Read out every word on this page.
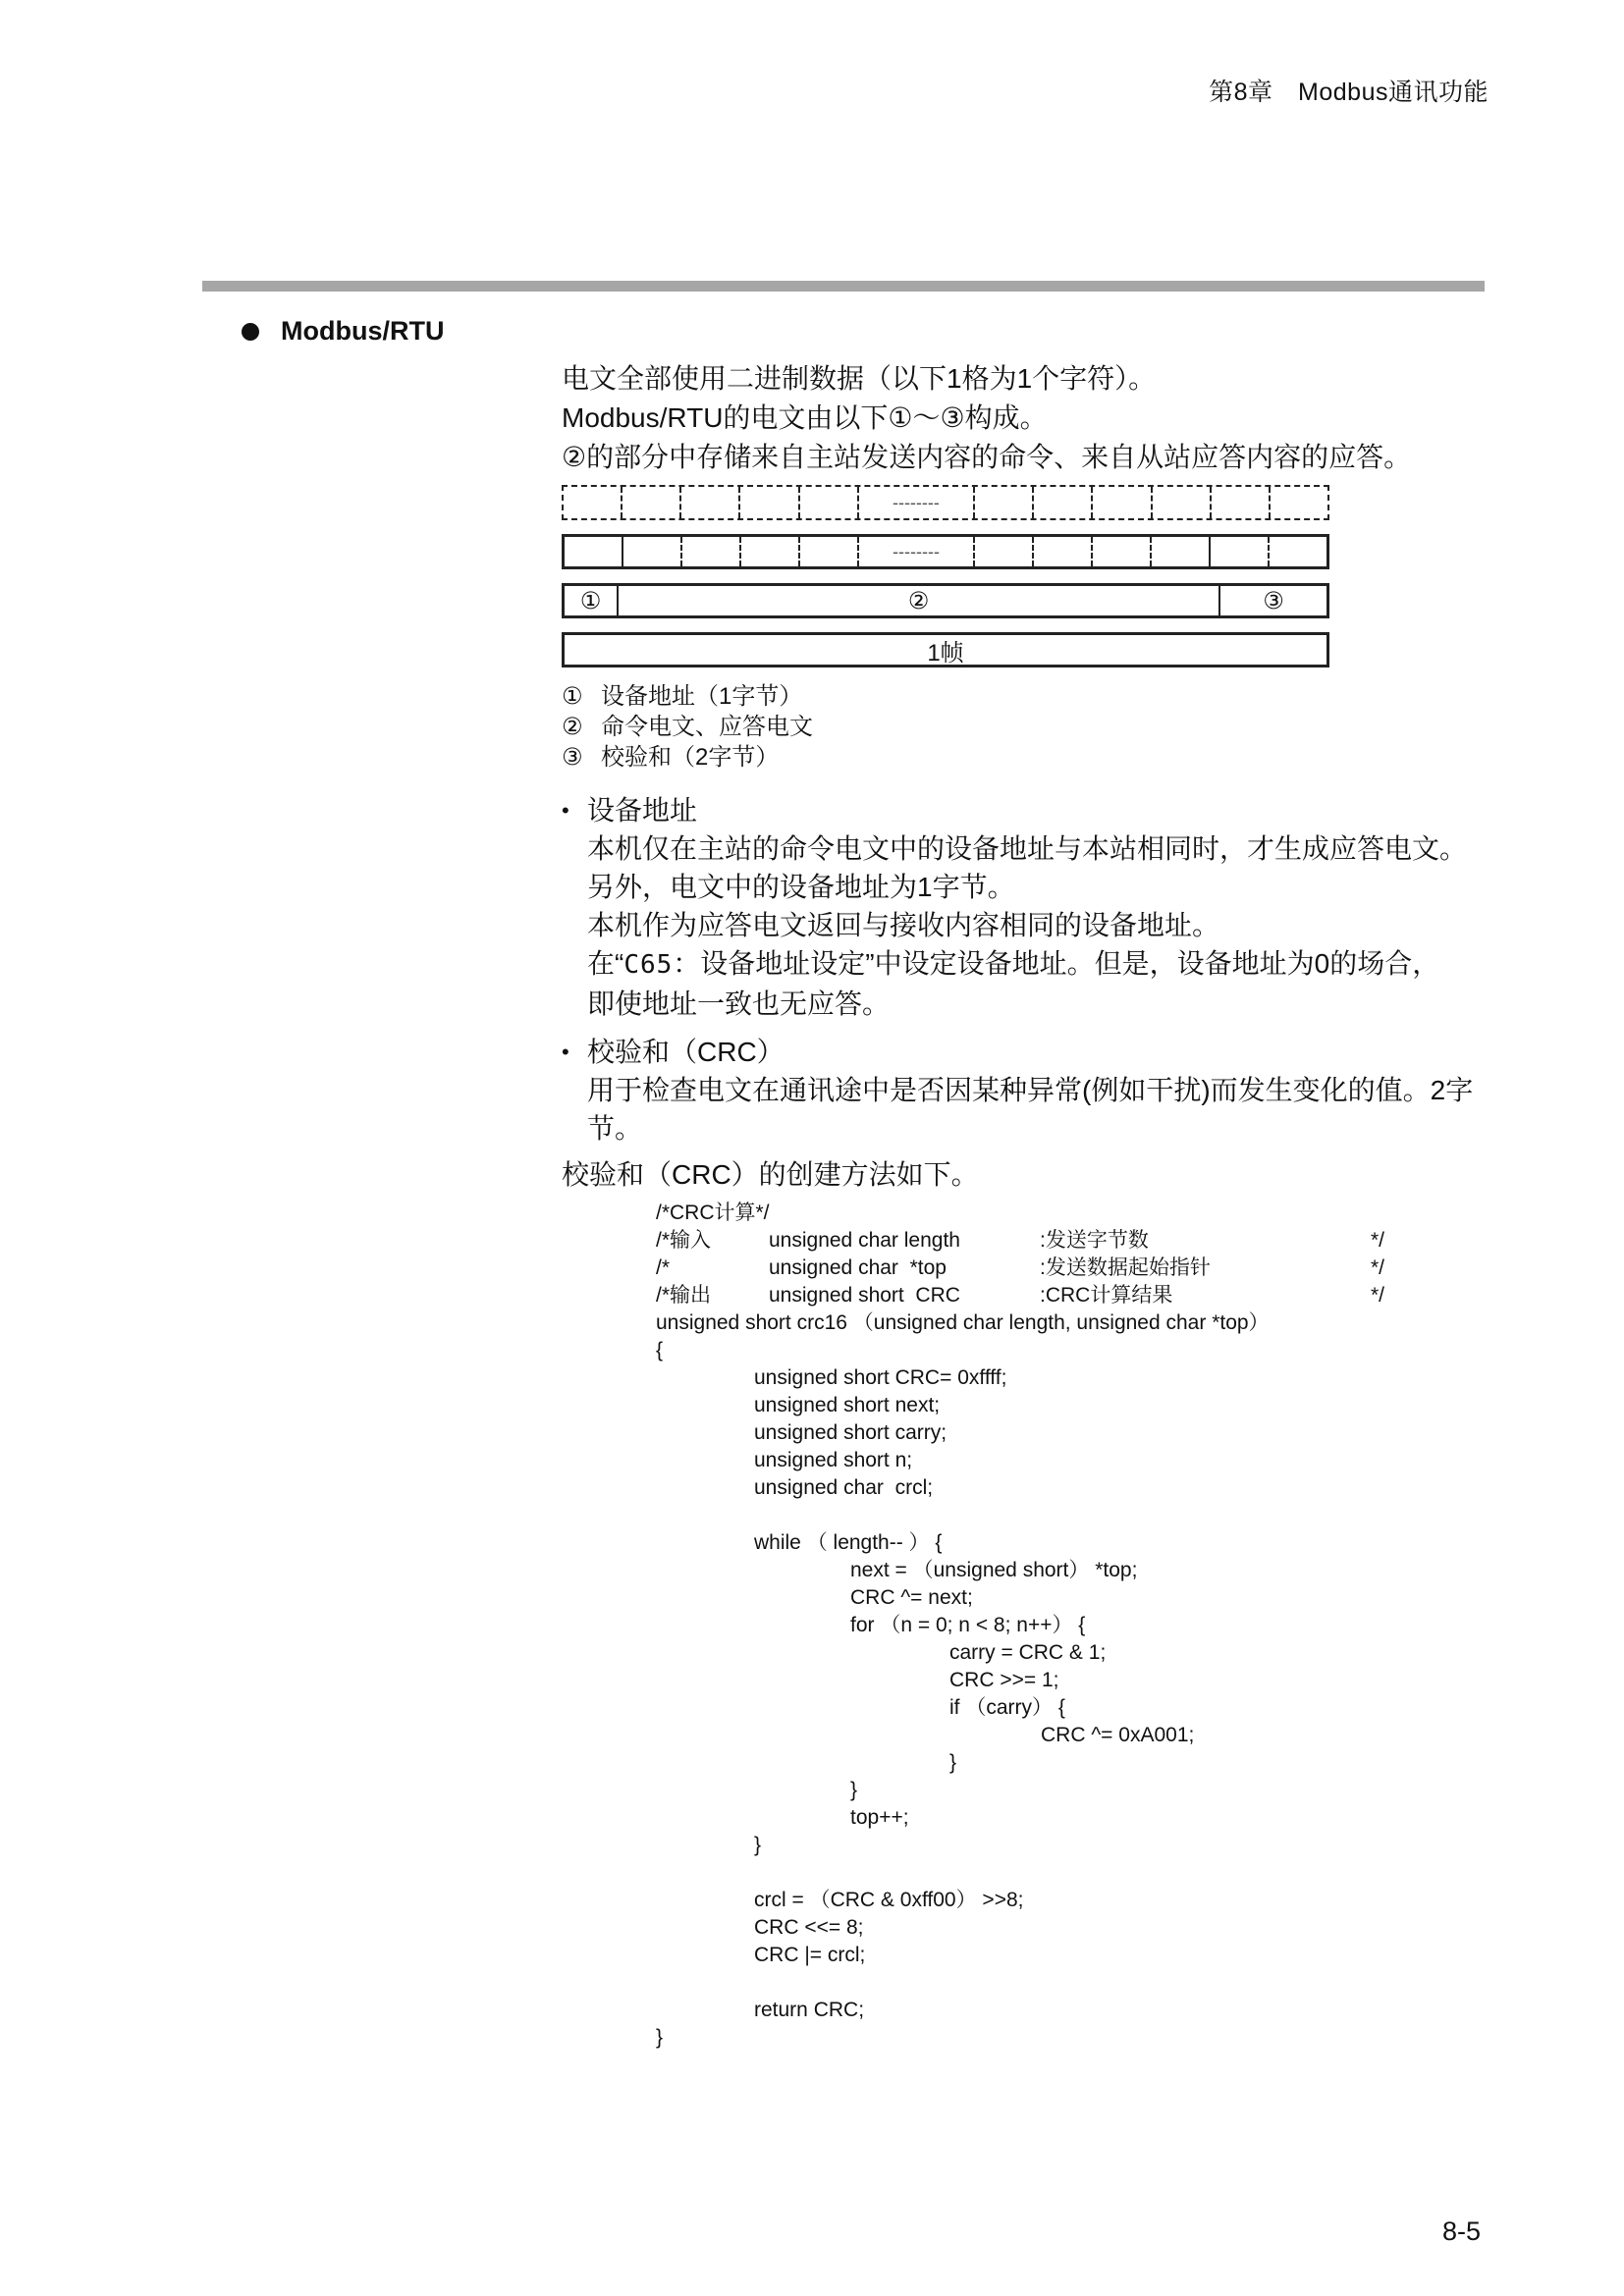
第8章　Modbus通讯功能
Modbus/RTU

电文全部使用二进制数据（以下1格为1个字符）。

Modbus/RTU的电文由以下①～③构成。

②的部分中存储来自主站发送内容的命令、来自从站应答内容的应答。

--------
--------
①	②	③
1帧
① 设备地址（1字节）
② 命令电文、应答电文
③ 校验和（2字节）
• 设备地址

本机仅在主站的命令电文中的设备地址与本站相同时，才生成应答电文。

另外，电文中的设备地址为1字节。

本机作为应答电文返回与接收内容相同的设备地址。

在“C65：设备地址设定”中设定设备地址。但是，设备地址为0的场合，

即使地址一致也无应答。

• 校验和（CRC）

用于检查电文在通讯途中是否因某种异常(例如干扰)而发生变化的值。2字

节。

校验和（CRC）的创建方法如下。
/*CRC计算*/
/*输入	unsigned char length	:发送字节数	*/
/*	unsigned char  *top	:发送数据起始指针	*/
/*输出	unsigned short  CRC	:CRC计算结果	*/
unsigned short crc16 （unsigned char length, unsigned char *top）
{
unsigned short CRC= 0xffff;
unsigned short next;
unsigned short carry;
unsigned short n;
unsigned char  crcl;
while （ length-- ） {
next = （unsigned short） *top;
CRC ^= next;
for （n = 0; n < 8; n++） {
carry = CRC & 1;
CRC >>= 1;
if （carry） {
CRC ^= 0xA001;
}
}
top++;
}
crcl = （CRC & 0xff00） >>8;
CRC <<= 8;
CRC |= crcl;
return CRC;
}
8-5
